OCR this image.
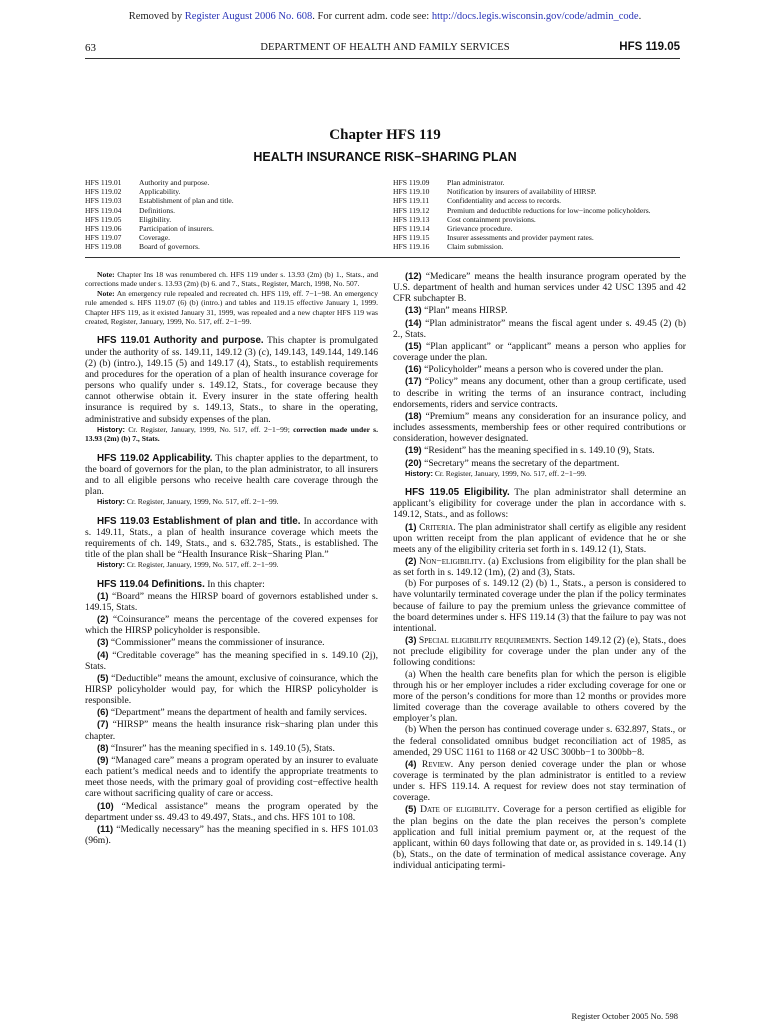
Removed by Register August 2006 No. 608. For current adm. code see: http://docs.legis.wisconsin.gov/code/admin_code.
63	DEPARTMENT OF HEALTH AND FAMILY SERVICES	HFS 119.05
Chapter HFS 119
HEALTH INSURANCE RISK−SHARING PLAN
HFS 119.01	Authority and purpose.
HFS 119.02	Applicability.
HFS 119.03	Establishment of plan and title.
HFS 119.04	Definitions.
HFS 119.05	Eligibility.
HFS 119.06	Participation of insurers.
HFS 119.07	Coverage.
HFS 119.08	Board of governors.
HFS 119.09	Plan administrator.
HFS 119.10	Notification by insurers of availability of HIRSP.
HFS 119.11	Confidentiality and access to records.
HFS 119.12	Premium and deductible reductions for low−income policyholders.
HFS 119.13	Cost containment provisions.
HFS 119.14	Grievance procedure.
HFS 119.15	Insurer assessments and provider payment rates.
HFS 119.16	Claim submission.

Note: Chapter Ins 18 was renumbered ch. HFS 119 under s. 13.93 (2m) (b) 1., Stats., and corrections made under s. 13.93 (2m) (b) 6. and 7., Stats., Register, March, 1998, No. 507.

Note: An emergency rule repealed and recreated ch. HFS 119, eff. 7−1−98. An emergency rule amended s. HFS 119.07 (6) (b) (intro.) and tables and 119.15 effective January 1, 1999. Chapter HFS 119, as it existed January 31, 1999, was repealed and a new chapter HFS 119 was created, Register, January, 1999, No. 517, eff. 2−1−99.

HFS 119.01 Authority and purpose. This chapter is promulgated under the authority of ss. 149.11, 149.12 (3) (c), 149.143, 149.144, 149.146 (2) (b) (intro.), 149.15 (5) and 149.17 (4), Stats., to establish requirements and procedures for the operation of a plan of health insurance coverage for persons who qualify under s. 149.12, Stats., for coverage because they cannot otherwise obtain it. Every insurer in the state offering health insurance is required by s. 149.13, Stats., to share in the operating, administrative and subsidy expenses of the plan.

History: Cr. Register, January, 1999, No. 517, eff. 2−1−99; correction made under s. 13.93 (2m) (b) 7., Stats.

HFS 119.02 Applicability. This chapter applies to the department, to the board of governors for the plan, to the plan administrator, to all insurers and to all eligible persons who receive health care coverage through the plan.

History: Cr. Register, January, 1999, No. 517, eff. 2−1−99.

HFS 119.03 Establishment of plan and title. In accordance with s. 149.11, Stats., a plan of health insurance coverage which meets the requirements of ch. 149, Stats., and s. 632.785, Stats., is established. The title of the plan shall be “Health Insurance Risk−Sharing Plan.”

History: Cr. Register, January, 1999, No. 517, eff. 2−1−99.

HFS 119.04 Definitions. In this chapter:

(1) “Board” means the HIRSP board of governors established under s. 149.15, Stats.

(2) “Coinsurance” means the percentage of the covered expenses for which the HIRSP policyholder is responsible.

(3) “Commissioner” means the commissioner of insurance.

(4) “Creditable coverage” has the meaning specified in s. 149.10 (2j), Stats.

(5) “Deductible” means the amount, exclusive of coinsurance, which the HIRSP policyholder would pay, for which the HIRSP policyholder is responsible.

(6) “Department” means the department of health and family services.

(7) “HIRSP” means the health insurance risk−sharing plan under this chapter.

(8) “Insurer” has the meaning specified in s. 149.10 (5), Stats.

(9) “Managed care” means a program operated by an insurer to evaluate each patient’s medical needs and to identify the appropriate treatments to meet those needs, with the primary goal of providing cost−effective health care without sacrificing quality of care or access.

(10) “Medical assistance” means the program operated by the department under ss. 49.43 to 49.497, Stats., and chs. HFS 101 to 108.

(11) “Medically necessary” has the meaning specified in s. HFS 101.03 (96m).

(12) “Medicare” means the health insurance program operated by the U.S. department of health and human services under 42 USC 1395 and 42 CFR subchapter B.

(13) “Plan” means HIRSP.

(14) “Plan administrator” means the fiscal agent under s. 49.45 (2) (b) 2., Stats.

(15) “Plan applicant” or “applicant” means a person who applies for coverage under the plan.

(16) “Policyholder” means a person who is covered under the plan.

(17) “Policy” means any document, other than a group certificate, used to describe in writing the terms of an insurance contract, including endorsements, riders and service contracts.

(18) “Premium” means any consideration for an insurance policy, and includes assessments, membership fees or other required contributions or consideration, however designated.

(19) “Resident” has the meaning specified in s. 149.10 (9), Stats.

(20) “Secretary” means the secretary of the department.

History: Cr. Register, January, 1999, No. 517, eff. 2−1−99.

HFS 119.05 Eligibility. The plan administrator shall determine an applicant’s eligibility for coverage under the plan in accordance with s. 149.12, Stats., and as follows:

(1) Criteria. The plan administrator shall certify as eligible any resident upon written receipt from the plan applicant of evidence that he or she meets any of the eligibility criteria set forth in s. 149.12 (1), Stats.

(2) Non−eligibility. (a) Exclusions from eligibility for the plan shall be as set forth in s. 149.12 (1m), (2) and (3), Stats.

(b) For purposes of s. 149.12 (2) (b) 1., Stats., a person is considered to have voluntarily terminated coverage under the plan if the policy terminates because of failure to pay the premium unless the grievance committee of the board determines under s. HFS 119.14 (3) that the failure to pay was not intentional.

(3) Special eligibility requirements. Section 149.12 (2) (e), Stats., does not preclude eligibility for coverage under the plan under any of the following conditions:

(a) When the health care benefits plan for which the person is eligible through his or her employer includes a rider excluding coverage for one or more of the person’s conditions for more than 12 months or provides more limited coverage than the coverage available to others covered by the employer’s plan.

(b) When the person has continued coverage under s. 632.897, Stats., or the federal consolidated omnibus budget reconciliation act of 1985, as amended, 29 USC 1161 to 1168 or 42 USC 300bb−1 to 300bb−8.

(4) Review. Any person denied coverage under the plan or whose coverage is terminated by the plan administrator is entitled to a review under s. HFS 119.14. A request for review does not stay termination of coverage.

(5) Date of eligibility. Coverage for a person certified as eligible for the plan begins on the date the plan receives the person’s complete application and full initial premium payment or, at the request of the applicant, within 60 days following that date or, as provided in s. 149.14 (1) (b), Stats., on the date of termination of medical assistance coverage. Any individual anticipating termi-

Register October 2005 No. 598
